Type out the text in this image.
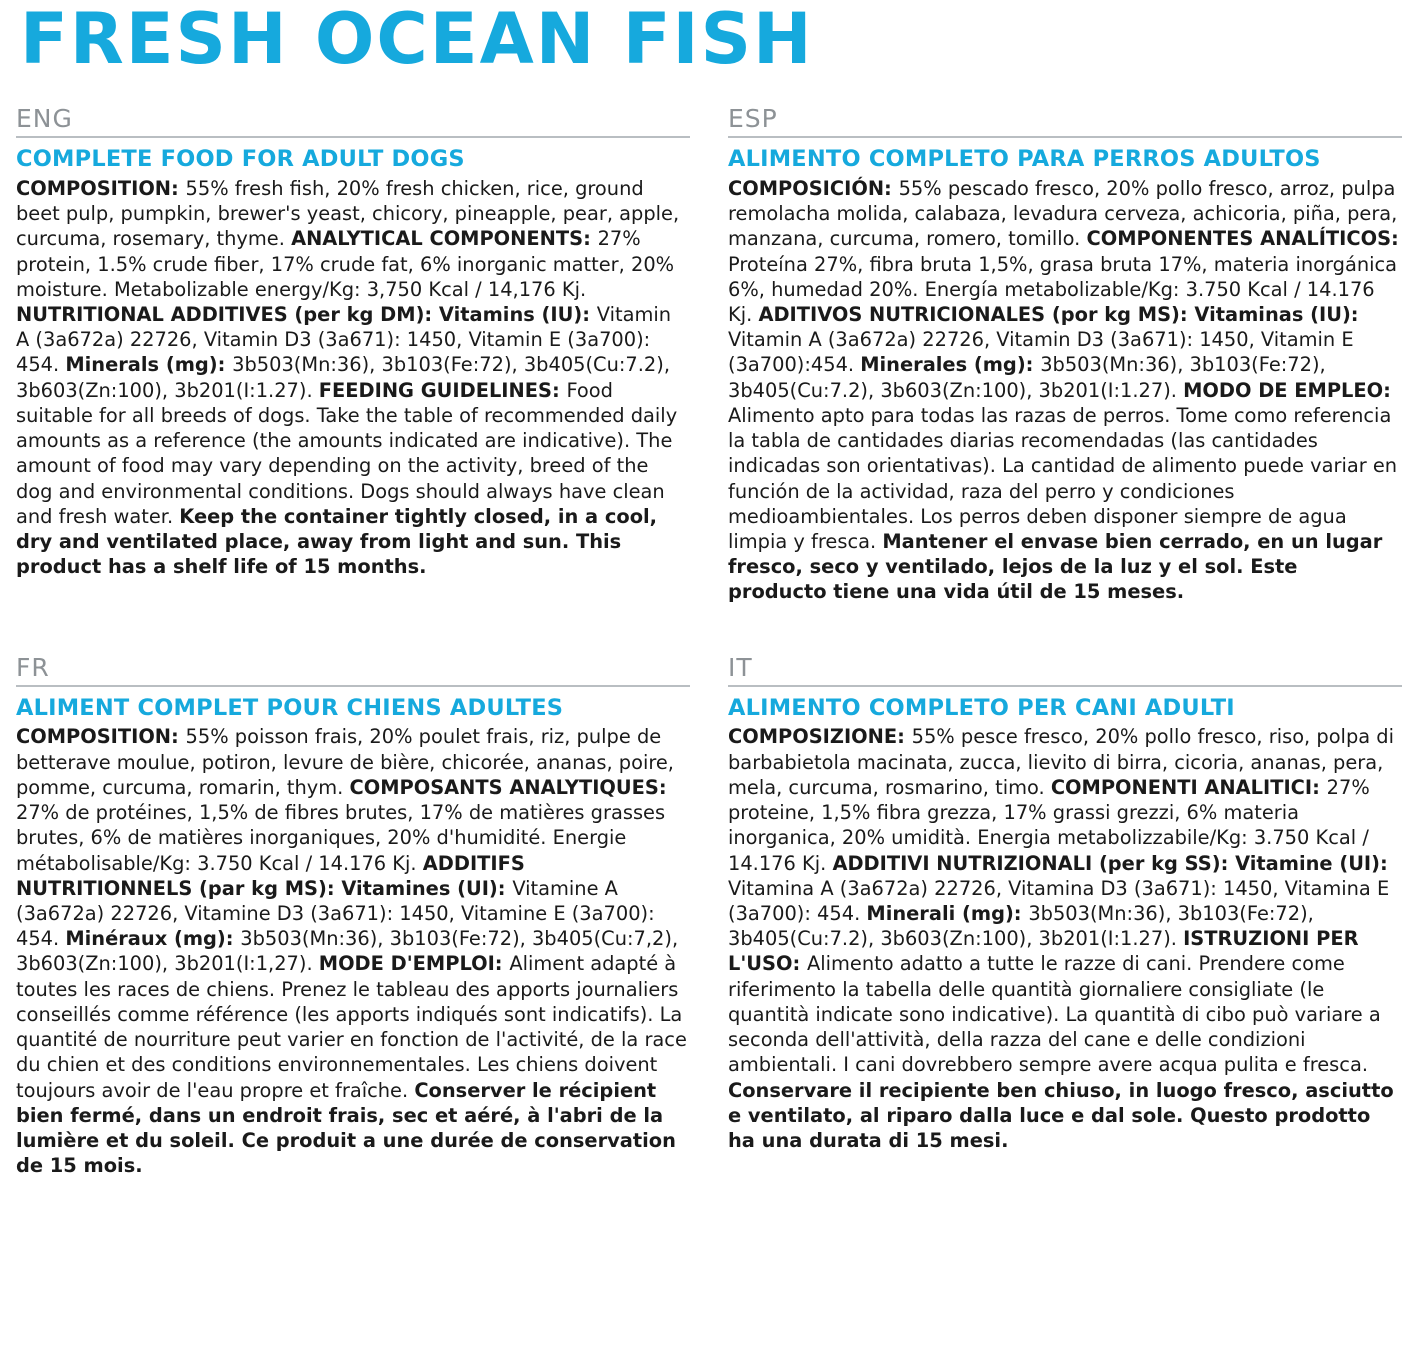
FRESH OCEAN FISH
ENG
COMPLETE FOOD FOR ADULT DOGS
COMPOSITION: 55% fresh fish, 20% fresh chicken, rice, ground beet pulp, pumpkin, brewer's yeast, chicory, pineapple, pear, apple, curcuma, rosemary, thyme. ANALYTICAL COMPONENTS: 27% protein, 1.5% crude fiber, 17% crude fat, 6% inorganic matter, 20% moisture. Metabolizable energy/Kg: 3,750 Kcal / 14,176 Kj. NUTRITIONAL ADDITIVES (per kg DM): Vitamins (IU): Vitamin A (3a672a) 22726, Vitamin D3 (3a671): 1450, Vitamin E (3a700): 454. Minerals (mg): 3b503(Mn:36), 3b103(Fe:72), 3b405(Cu:7.2), 3b603(Zn:100), 3b201(I:1.27). FEEDING GUIDELINES: Food suitable for all breeds of dogs. Take the table of recommended daily amounts as a reference (the amounts indicated are indicative). The amount of food may vary depending on the activity, breed of the dog and environmental conditions. Dogs should always have clean and fresh water. Keep the container tightly closed, in a cool, dry and ventilated place, away from light and sun. This product has a shelf life of 15 months.
ESP
ALIMENTO COMPLETO PARA PERROS ADULTOS
COMPOSICIÓN: 55% pescado fresco, 20% pollo fresco, arroz, pulpa remolacha molida, calabaza, levadura cerveza, achicoria, piña, pera, manzana, curcuma, romero, tomillo. COMPONENTES ANALÍTICOS: Proteína 27%, fibra bruta 1,5%, grasa bruta 17%, materia inorgánica 6%, humedad 20%. Energía metabolizable/Kg: 3.750 Kcal / 14.176 Kj. ADITIVOS NUTRICIONALES (por kg MS): Vitaminas (IU): Vitamin A (3a672a) 22726, Vitamin D3 (3a671): 1450, Vitamin E (3a700):454. Minerales (mg): 3b503(Mn:36), 3b103(Fe:72), 3b405(Cu:7.2), 3b603(Zn:100), 3b201(I:1.27). MODO DE EMPLEO: Alimento apto para todas las razas de perros. Tome como referencia la tabla de cantidades diarias recomendadas (las cantidades indicadas son orientativas). La cantidad de alimento puede variar en función de la actividad, raza del perro y condiciones medioambientales. Los perros deben disponer siempre de agua limpia y fresca. Mantener el envase bien cerrado, en un lugar fresco, seco y ventilado, lejos de la luz y el sol. Este producto tiene una vida útil de 15 meses.
FR
ALIMENT COMPLET POUR CHIENS ADULTES
COMPOSITION: 55% poisson frais, 20% poulet frais, riz, pulpe de betterave moulue, potiron, levure de bière, chicorée, ananas, poire, pomme, curcuma, romarin, thym. COMPOSANTS ANALYTIQUES: 27% de protéines, 1,5% de fibres brutes, 17% de matières grasses brutes, 6% de matières inorganiques, 20% d'humidité. Energie métabolisable/Kg: 3.750 Kcal / 14.176 Kj. ADDITIFS NUTRITIONNELS (par kg MS): Vitamines (UI): Vitamine A (3a672a) 22726, Vitamine D3 (3a671): 1450, Vitamine E (3a700): 454. Minéraux (mg): 3b503(Mn:36), 3b103(Fe:72), 3b405(Cu:7,2), 3b603(Zn:100), 3b201(I:1,27). MODE D'EMPLOI: Aliment adapté à toutes les races de chiens. Prenez le tableau des apports journaliers conseillés comme référence (les apports indiqués sont indicatifs). La quantité de nourriture peut varier en fonction de l'activité, de la race du chien et des conditions environnementales. Les chiens doivent toujours avoir de l'eau propre et fraîche. Conserver le récipient bien fermé, dans un endroit frais, sec et aéré, à l'abri de la lumière et du soleil. Ce produit a une durée de conservation de 15 mois.
IT
ALIMENTO COMPLETO PER CANI ADULTI
COMPOSIZIONE: 55% pesce fresco, 20% pollo fresco, riso, polpa di barbabietola macinata, zucca, lievito di birra, cicoria, ananas, pera, mela, curcuma, rosmarino, timo. COMPONENTI ANALITICI: 27% proteine, 1,5% fibra grezza, 17% grassi grezzi, 6% materia inorganica, 20% umidità. Energia metabolizzabile/Kg: 3.750 Kcal / 14.176 Kj. ADDITIVI NUTRIZIONALI (per kg SS): Vitamine (UI): Vitamina A (3a672a) 22726, Vitamina D3 (3a671): 1450, Vitamina E (3a700): 454. Minerali (mg): 3b503(Mn:36), 3b103(Fe:72), 3b405(Cu:7.2), 3b603(Zn:100), 3b201(I:1.27). ISTRUZIONI PER L'USO: Alimento adatto a tutte le razze di cani. Prendere come riferimento la tabella delle quantità giornaliere consigliate (le quantità indicate sono indicative). La quantità di cibo può variare a seconda dell'attività, della razza del cane e delle condizioni ambientali. I cani dovrebbero sempre avere acqua pulita e fresca. Conservare il recipiente ben chiuso, in luogo fresco, asciutto e ventilato, al riparo dalla luce e dal sole. Questo prodotto ha una durata di 15 mesi.
